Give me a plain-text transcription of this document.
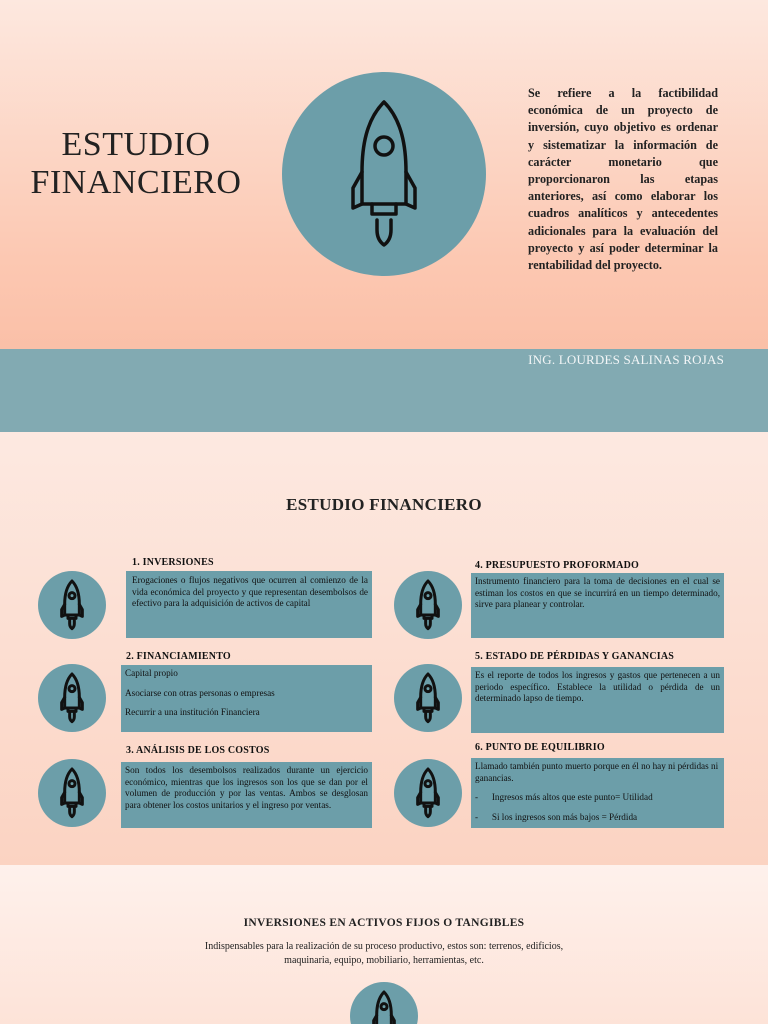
ESTUDIO FINANCIERO
Se refiere a la factibilidad económica de un proyecto de inversión, cuyo objetivo es ordenar y sistematizar la información de carácter monetario que proporcionaron las etapas anteriores, así como elaborar los cuadros analíticos y antecedentes adicionales para la evaluación del proyecto y así poder determinar la rentabilidad del proyecto.
ING. LOURDES SALINAS ROJAS
ESTUDIO FINANCIERO
1. INVERSIONES
Erogaciones o flujos negativos que ocurren al comienzo de la vida económica del proyecto y que representan desembolsos de efectivo para la adquisición de activos de capital
2. FINANCIAMIENTO

Capital propio

Asociarse con otras personas o empresas

Recurrir a una institución Financiera

3. ANÁLISIS DE LOS COSTOS
Son todos los desembolsos realizados durante un ejercicio económico, mientras que los ingresos son los que se dan por el volumen de producción y por las ventas. Ambos se desglosan para obtener los costos unitarios y el ingreso por ventas.
4. PRESUPUESTO PROFORMADO
Instrumento financiero para la toma de decisiones en el cual se estiman los costos en que se incurrirá en un tiempo determinado, sirve para planear y controlar.
5. ESTADO DE PÉRDIDAS Y GANANCIAS
Es el reporte de todos los ingresos y gastos que pertenecen a un periodo específico. Establece la utilidad o pérdida de un determinado lapso de tiempo.
6. PUNTO DE EQUILIBRIO
Llamado también punto muerto porque en él no hay ni pérdidas ni ganancias.
-      Ingresos más altos que este punto= Utilidad
-      Si los ingresos son más bajos = Pérdida
INVERSIONES EN ACTIVOS FIJOS O TANGIBLES
Indispensables para la realización de su proceso productivo, estos son: terrenos, edificios, maquinaria, equipo, mobiliario, herramientas, etc.
